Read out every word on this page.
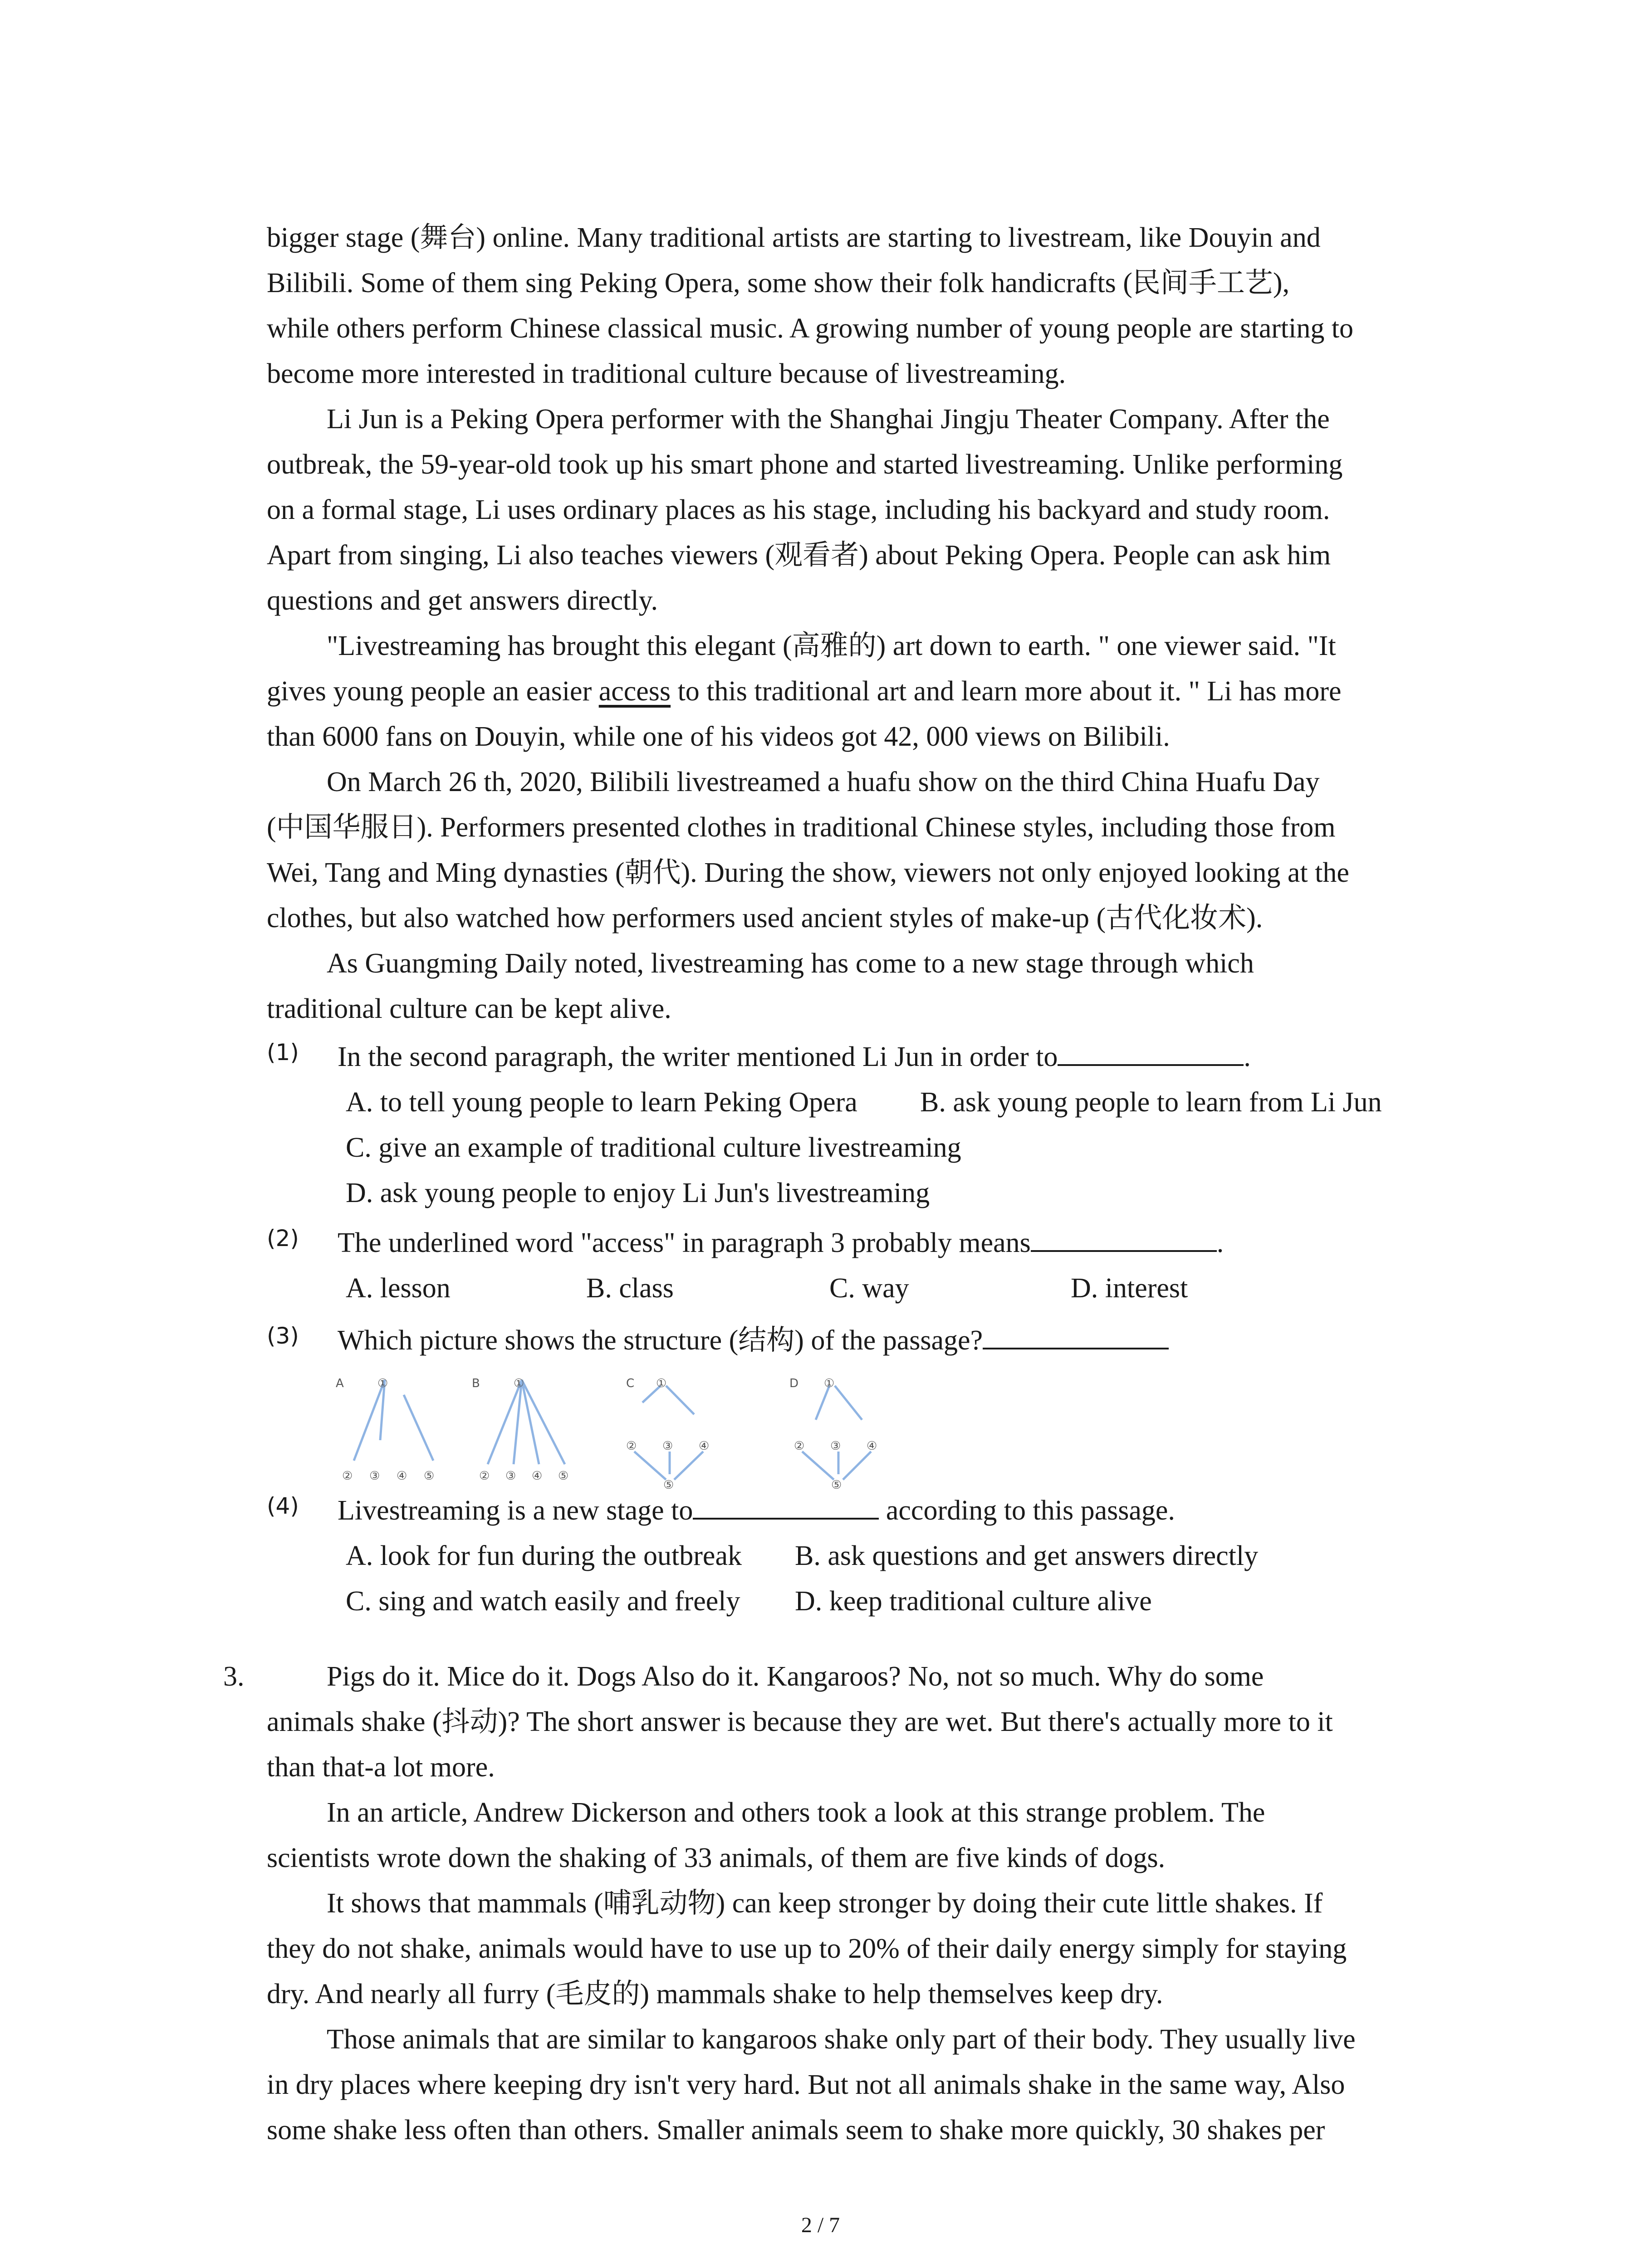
bigger stage (舞台) online. Many traditional artists are starting to livestream, like Douyin and
Bilibili. Some of them sing Peking Opera, some show their folk handicrafts (民间手工艺),
while others perform Chinese classical music. A growing number of young people are starting to
become more interested in traditional culture because of livestreaming.
Li Jun is a Peking Opera performer with the Shanghai Jingju Theater Company. After the
outbreak, the 59-year-old took up his smart phone and started livestreaming. Unlike performing
on a formal stage, Li uses ordinary places as his stage, including his backyard and study room.
Apart from singing, Li also teaches viewers (观看者) about Peking Opera. People can ask him
questions and get answers directly.
"Livestreaming has brought this elegant (高雅的) art down to earth. " one viewer said. "It
gives young people an easier access to this traditional art and learn more about it. " Li has more
than 6000 fans on Douyin, while one of his videos got 42, 000 views on Bilibili.
On March 26 th, 2020, Bilibili livestreamed a huafu show on the third China Huafu Day
(中国华服日). Performers presented clothes in traditional Chinese styles, including those from
Wei, Tang and Ming dynasties (朝代). During the show, viewers not only enjoyed looking at the
clothes, but also watched how performers used ancient styles of make-up (古代化妆术).
As Guangming Daily noted, livestreaming has come to a new stage through which
traditional culture can be kept alive.
(1) In the second paragraph, the writer mentioned Li Jun in order to	.
A. to tell young people to learn Peking Opera B. ask young people to learn from Li Jun
C. give an example of traditional culture livestreaming
D. ask young people to enjoy Li Jun's livestreaming
(2) The underlined word "access" in paragraph 3 probably means	.
A. lesson	B. class	C. way	D. interest
(3) Which picture shows the structure (结构) of the passage?
A	①
② ③ ④ ⑤
B	①
② ③ ④ ⑤
C ①
② ③ ④
⑤
D ①
② ③ ④
⑤
(4) Livestreaming is a new stage to	according to this passage.
A. look for fun during the outbreak B. ask questions and get answers directly
C. sing and watch easily and freely D. keep traditional culture alive
3.	Pigs do it. Mice do it. Dogs Also do it. Kangaroos? No, not so much. Why do some
animals shake (抖动)? The short answer is because they are wet. But there's actually more to it
than that-a lot more.
In an article, Andrew Dickerson and others took a look at this strange problem. The
scientists wrote down the shaking of 33 animals, of them are five kinds of dogs.
It shows that mammals (哺乳动物) can keep stronger by doing their cute little shakes. If
they do not shake, animals would have to use up to 20% of their daily energy simply for staying
dry. And nearly all furry (毛皮的) mammals shake to help themselves keep dry.
Those animals that are similar to kangaroos shake only part of their body. They usually live
in dry places where keeping dry isn't very hard. But not all animals shake in the same way, Also
some shake less often than others. Smaller animals seem to shake more quickly, 30 shakes per
2 / 7
